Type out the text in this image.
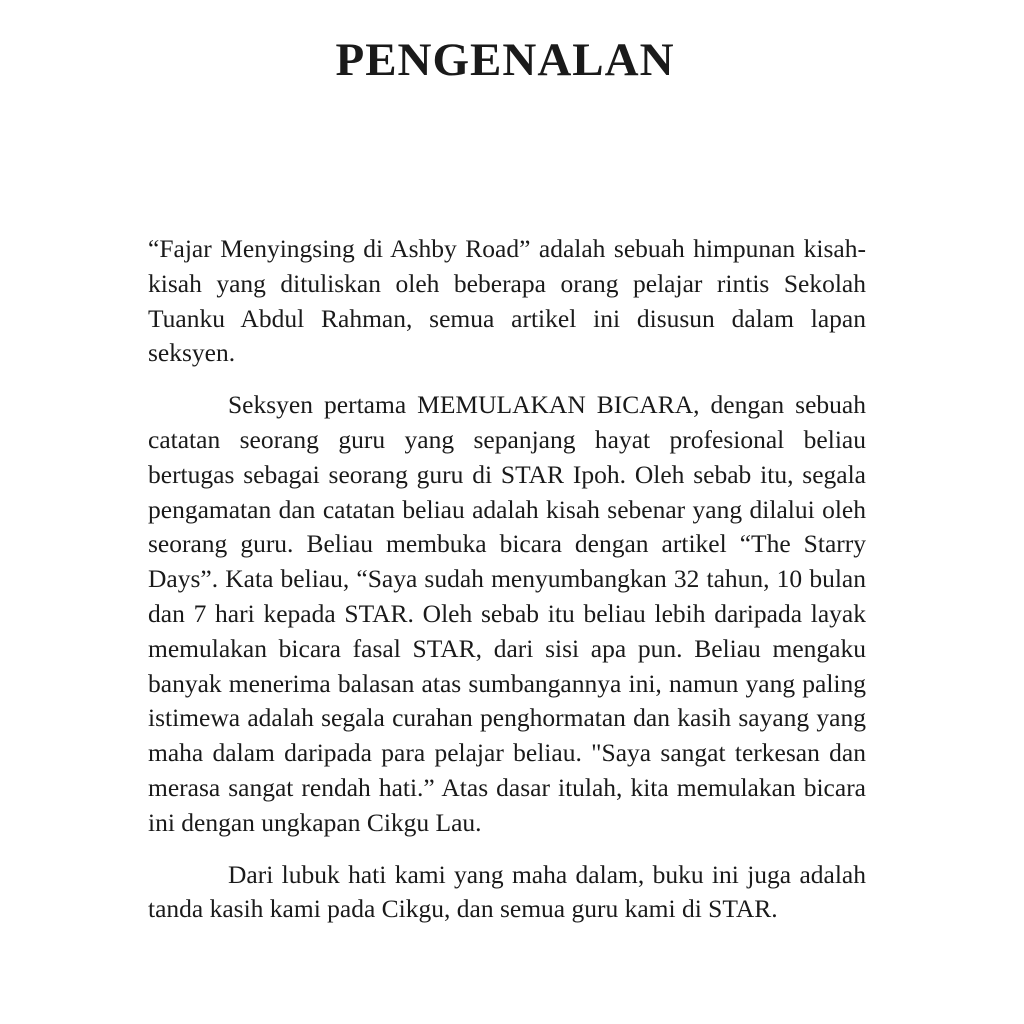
PENGENALAN

“Fajar Menyingsing di Ashby Road” adalah sebuah himpunan kisah-kisah yang dituliskan oleh beberapa orang pelajar rintis Sekolah Tuanku Abdul Rahman, semua artikel ini disusun dalam lapan seksyen.

Seksyen pertama MEMULAKAN BICARA, dengan sebuah catatan seorang guru yang sepanjang hayat profesional beliau bertugas sebagai seorang guru di STAR Ipoh. Oleh sebab itu, segala pengamatan dan catatan beliau adalah kisah sebenar yang dilalui oleh seorang guru. Beliau membuka bicara dengan artikel “The Starry Days”. Kata beliau, “Saya sudah menyumbangkan 32 tahun, 10 bulan dan 7 hari kepada STAR. Oleh sebab itu beliau lebih daripada layak memulakan bicara fasal STAR, dari sisi apa pun. Beliau mengaku banyak menerima balasan atas sumbangannya ini, namun yang paling istimewa adalah segala curahan penghormatan dan kasih sayang yang maha dalam daripada para pelajar beliau. "Saya sangat terkesan dan merasa sangat rendah hati.” Atas dasar itulah, kita memulakan bicara ini dengan ungkapan Cikgu Lau.

Dari lubuk hati kami yang maha dalam, buku ini juga adalah tanda kasih kami pada Cikgu, dan semua guru kami di STAR.
